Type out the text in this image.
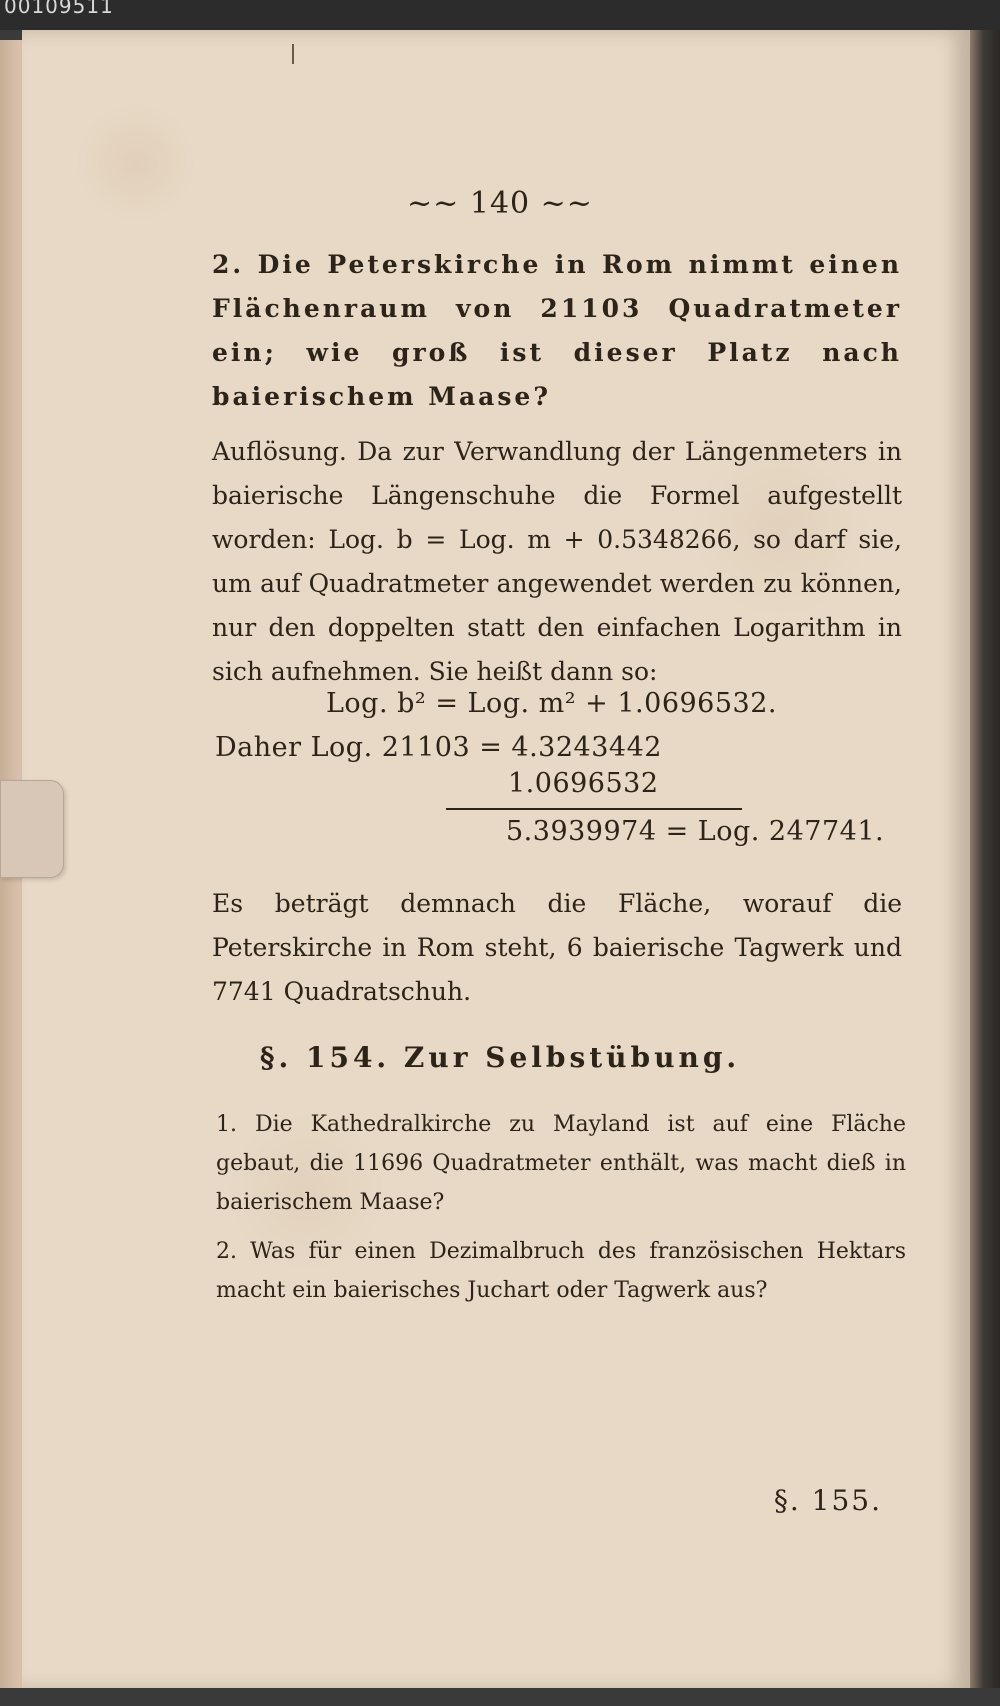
00109511
~~ 140 ~~

2. Die Peterskirche in Rom nimmt einen Flächenraum von 21103 Quadratmeter ein; wie groß ist dieser Platz nach baierischem Maase?

Auflösung. Da zur Verwandlung der Längenmeters in baierische Längenschuhe die Formel aufgestellt worden: Log. b = Log. m + 0.5348266, so darf sie, um auf Quadratmeter angewendet werden zu können, nur den doppelten statt den einfachen Logarithm in sich aufnehmen. Sie heißt dann so:

Log. b² = Log. m² + 1.0696532.
Daher Log. 21103 = 4.3243442
1.0696532
5.3939974 = Log. 247741.

Es beträgt demnach die Fläche, worauf die Peterskirche in Rom steht, 6 baierische Tagwerk und 7741 Quadratschuh.

§. 154. Zur Selbstübung.

1. Die Kathedralkirche zu Mayland ist auf eine Fläche gebaut, die 11696 Quadratmeter enthält, was macht dieß in baierischem Maase?

2. Was für einen Dezimalbruch des französischen Hektars macht ein baierisches Juchart oder Tagwerk aus?

§. 155.
